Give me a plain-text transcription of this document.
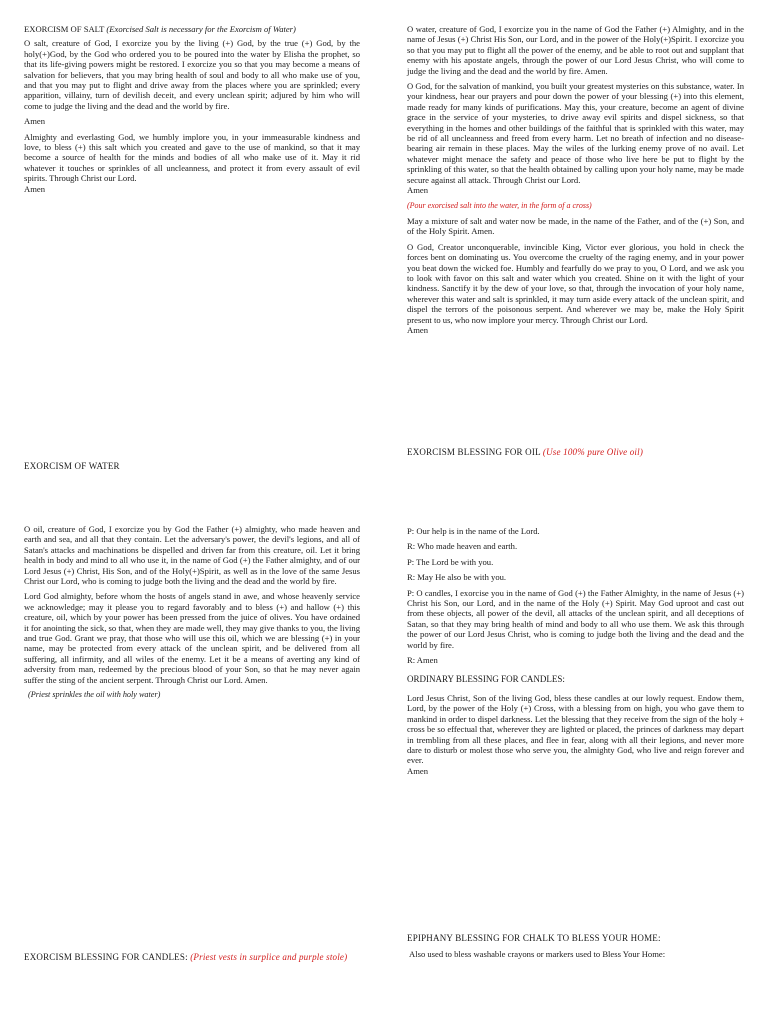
EXORCISM OF SALT (Exorcised Salt is necessary for the Exorcism of Water)

O salt, creature of God, I exorcize you by the living (+) God, by the true (+) God, by the holy(+)God, by the God who ordered you to be poured into the water by Elisha the prophet, so that its life-giving powers might be restored. I exorcize you so that you may become a means of salvation for believers, that you may bring health of soul and body to all who make use of you, and that you may put to flight and drive away from the places where you are sprinkled; every apparition, villainy, turn of devilish deceit, and every unclean spirit; adjured by him who will come to judge the living and the dead and the world by fire.

Amen

Almighty and everlasting God, we humbly implore you, in your immeasurable kindness and love, to bless (+) this salt which you created and gave to the use of mankind, so that it may become a source of health for the minds and bodies of all who make use of it. May it rid whatever it touches or sprinkles of all uncleanness, and protect it from every assault of evil spirits. Through Christ our Lord.

Amen

EXORCISM OF WATER

O water, creature of God, I exorcize you in the name of God the Father (+) Almighty, and in the name of Jesus (+) Christ His Son, our Lord, and in the power of the Holy(+)Spirit. I exorcize you so that you may put to flight all the power of the enemy, and be able to root out and supplant that enemy with his apostate angels, through the power of our Lord Jesus Christ, who will come to judge the living and the dead and the world by fire. Amen.

O God, for the salvation of mankind, you built your greatest mysteries on this substance, water. In your kindness, hear our prayers and pour down the power of your blessing (+) into this element, made ready for many kinds of purifications. May this, your creature, become an agent of divine grace in the service of your mysteries, to drive away evil spirits and dispel sickness, so that everything in the homes and other buildings of the faithful that is sprinkled with this water, may be rid of all uncleanness and freed from every harm. Let no breath of infection and no disease-bearing air remain in these places. May the wiles of the lurking enemy prove of no avail. Let whatever might menace the safety and peace of those who live here be put to flight by the sprinkling of this water, so that the health obtained by calling upon your holy name, may be made secure against all attack. Through Christ our Lord.

Amen

(Pour exorcised salt into the water, in the form of a cross)

May a mixture of salt and water now be made, in the name of the Father, and of the (+) Son, and of the Holy Spirit. Amen.

O God, Creator unconquerable, invincible King, Victor ever glorious, you hold in check the forces bent on dominating us. You overcome the cruelty of the raging enemy, and in your power you beat down the wicked foe. Humbly and fearfully do we pray to you, O Lord, and we ask you to look with favor on this salt and water which you created. Shine on it with the light of your kindness. Sanctify it by the dew of your love, so that, through the invocation of your holy name, wherever this water and salt is sprinkled, it may turn aside every attack of the unclean spirit, and dispel the terrors of the poisonous serpent. And wherever we may be, make the Holy Spirit present to us, who now implore your mercy. Through Christ our Lord.

Amen

EXORCISM BLESSING FOR OIL (Use 100% pure Olive oil)

O oil, creature of God, I exorcize you by God the Father (+) almighty, who made heaven and earth and sea, and all that they contain. Let the adversary's power, the devil's legions, and all of Satan's attacks and machinations be dispelled and driven far from this creature, oil. Let it bring health in body and mind to all who use it, in the name of God (+) the Father almighty, and of our Lord Jesus (+) Christ, His Son, and of the Holy(+)Spirit, as well as in the love of the same Jesus Christ our Lord, who is coming to judge both the living and the dead and the world by fire.

Lord God almighty, before whom the hosts of angels stand in awe, and whose heavenly service we acknowledge; may it please you to regard favorably and to bless (+) and hallow (+) this creature, oil, which by your power has been pressed from the juice of olives. You have ordained it for anointing the sick, so that, when they are made well, they may give thanks to you, the living and true God. Grant we pray, that those who will use this oil, which we are blessing (+) in your name, may be protected from every attack of the unclean spirit, and be delivered from all suffering, all infirmity, and all wiles of the enemy. Let it be a means of averting any kind of adversity from man, redeemed by the precious blood of your Son, so that he may never again suffer the sting of the ancient serpent. Through Christ our Lord. Amen.

(Priest sprinkles the oil with holy water)

EXORCISM BLESSING FOR CANDLES: (Priest vests in surplice and purple stole)

P: Our help is in the name of the Lord.

R: Who made heaven and earth.

P: The Lord be with you.

R: May He also be with you.

P: O candles, I exorcise you in the name of God (+) the Father Almighty, in the name of Jesus (+) Christ his Son, our Lord, and in the name of the Holy (+) Spirit. May God uproot and cast out from these objects, all power of the devil, all attacks of the unclean spirit, and all deceptions of Satan, so that they may bring health of mind and body to all who use them. We ask this through the power of our Lord Jesus Christ, who is coming to judge both the living and the dead and the world by fire.

R: Amen

ORDINARY BLESSING FOR CANDLES:

Lord Jesus Christ, Son of the living God, bless these candles at our lowly request. Endow them, Lord, by the power of the Holy (+) Cross, with a blessing from on high, you who gave them to mankind in order to dispel darkness. Let the blessing that they receive from the sign of the holy + cross be so effectual that, wherever they are lighted or placed, the princes of darkness may depart in trembling from all these places, and flee in fear, along with all their legions, and never more dare to disturb or molest those who serve you, the almighty God, who live and reign forever and ever.

Amen

EPIPHANY BLESSING FOR CHALK TO BLESS YOUR HOME:
Also used to bless washable crayons or markers used to Bless Your Home:
